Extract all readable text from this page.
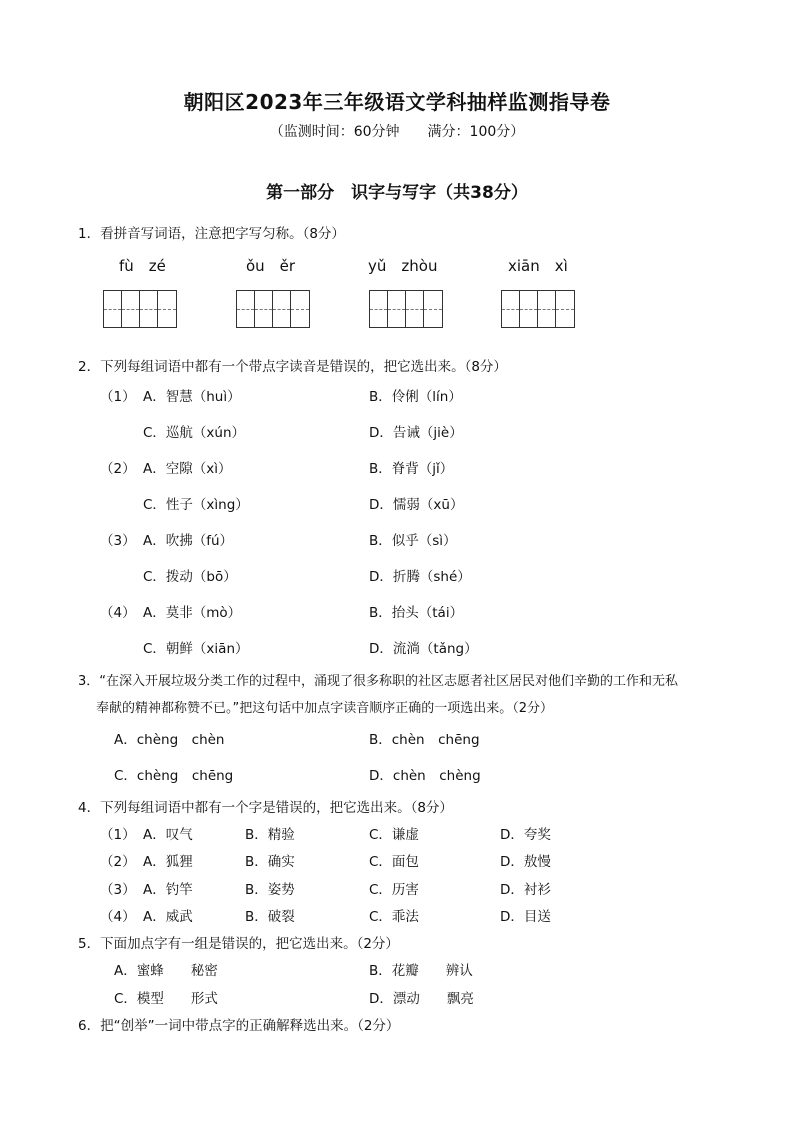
朝阳区2023年三年级语文学科抽样监测指导卷
（监测时间：60分钟　　满分：100分）
第一部分　识字与写字（共38分）
1．看拼音写词语，注意把字写匀称。（8分）
fù　zé	ǒu　ěr	yǔ　zhòu	xiān　xì
2．下列每组词语中都有一个带点字读音是错误的，把它选出来。（8分）
（1） A．智慧（huì）	B．伶俐（lín）
C．巡航（xún）	D．告诫（jiè）
（2） A．空隙（xì）	B．脊背（jǐ）
C．性子（xìng）	D．懦弱（xū）
（3） A．吹拂（fú）	B．似乎（sì）
C．拨动（bō）	D．折腾（shé）
（4） A．莫非（mò）	B．抬头（tái）
C．朝鲜（xiān）	D．流淌（tǎng）
3．“在深入开展垃圾分类工作的过程中，涌现了很多称职的社区志愿者社区居民对他们辛勤的工作和无私
奉献的精神都称赞不已。”把这句话中加点字读音顺序正确的一项选出来。（2分）
A．chèng　chèn	B．chèn　chēng
C．chèng　chēng	D．chèn　chèng
4．下列每组词语中都有一个字是错误的，把它选出来。（8分）
（1） A．叹气	B．精验	C．谦虚	D．夸奖
（2） A．狐狸	B．确实	C．面包	D．敖慢
（3） A．钓竿	B．姿势	C．历害	D．衬衫
（4） A．威武	B．破裂	C．乖法	D．目送
5．下面加点字有一组是错误的，把它选出来。（2分）
A．蜜蜂　　秘密	B．花瓣　　辨认
C．模型　　形式	D．漂动　　飘亮
6．把“创举”一词中带点字的正确解释选出来。（2分）
